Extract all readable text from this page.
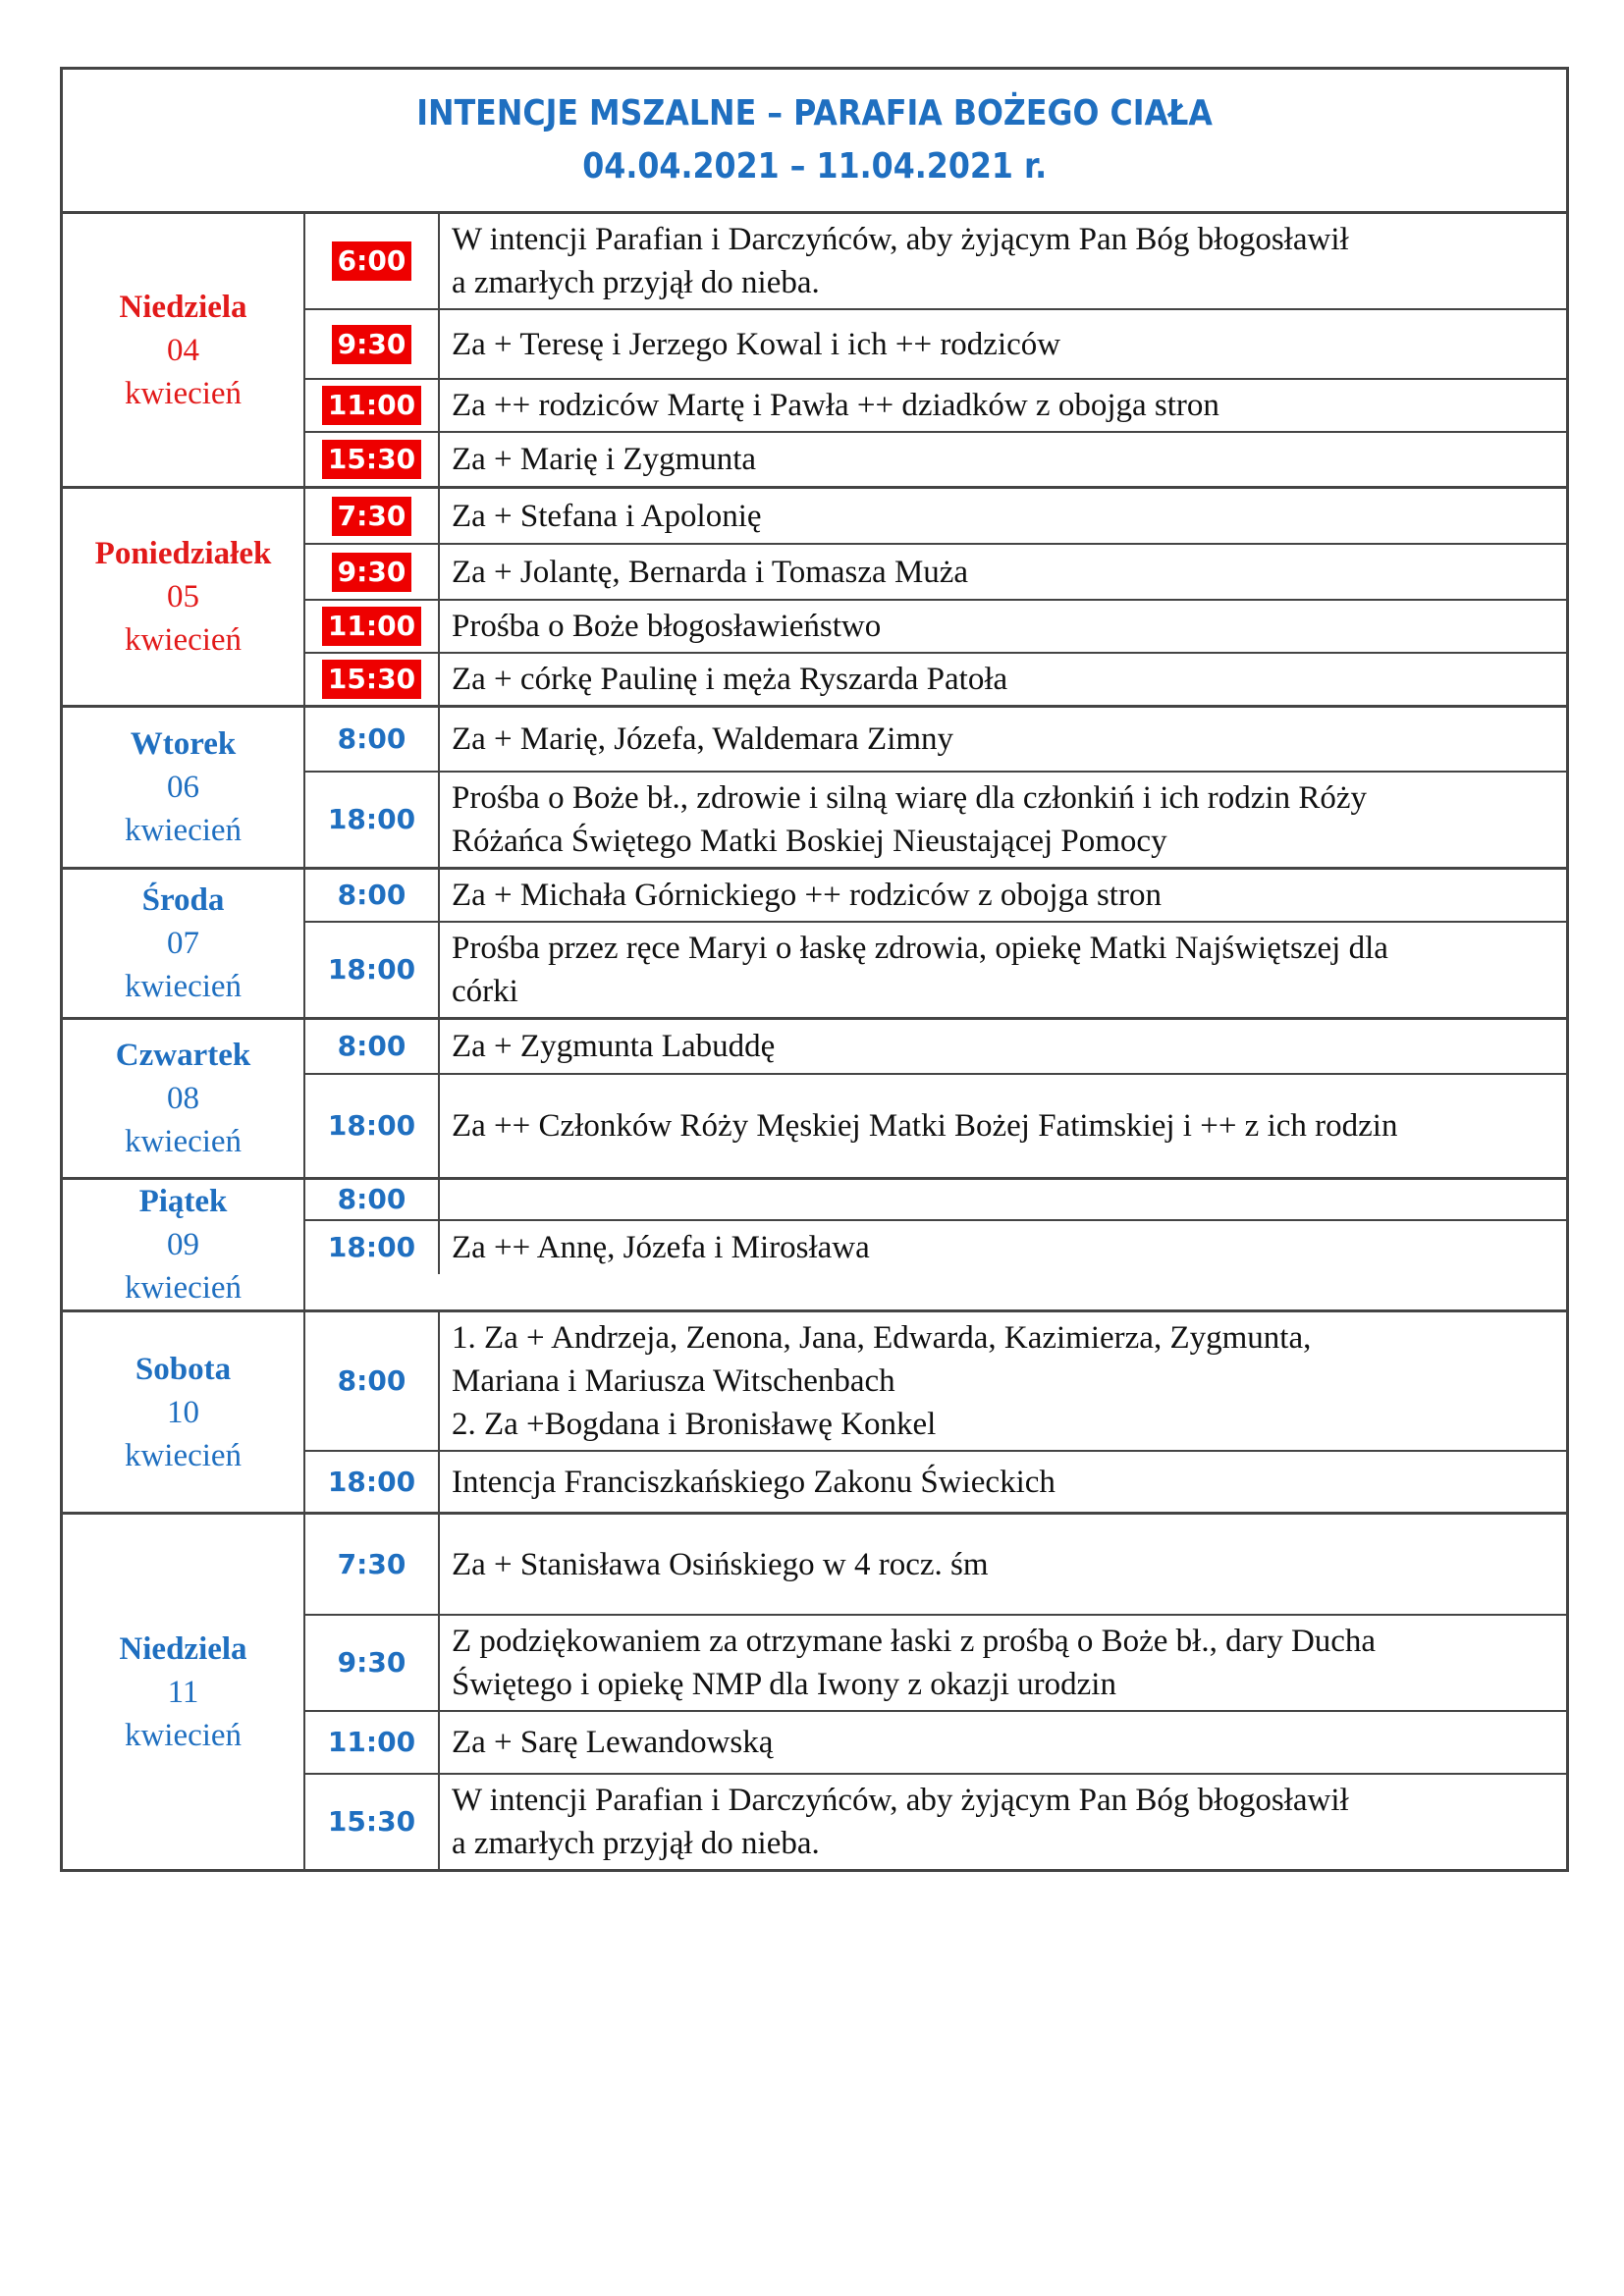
INTENCJE MSZALNE – PARAFIA BOŻEGO CIAŁA
04.04.2021 – 11.04.2021 r.
Niedziela
04
kwiecień
6:00
W intencji Parafian i Darczyńców, aby żyjącym Pan Bóg błogosławił
a zmarłych przyjął do nieba.
9:30	Za + Teresę i Jerzego Kowal i ich ++ rodziców
11:00	Za ++ rodziców Martę i Pawła ++ dziadków z obojga stron
15:30	Za + Marię i Zygmunta
Poniedziałek
05
kwiecień
7:30	Za + Stefana i Apolonię
9:30	Za + Jolantę, Bernarda i Tomasza Muża
11:00	Prośba o Boże błogosławieństwo
15:30	Za + córkę Paulinę i męża Ryszarda Patoła
Wtorek
06
kwiecień
8:00	Za + Marię, Józefa, Waldemara Zimny
18:00
Prośba o Boże bł., zdrowie i silną wiarę dla członkiń i ich rodzin Róży
Różańca Świętego Matki Boskiej Nieustającej Pomocy
Środa
07
kwiecień
8:00	Za + Michała Górnickiego ++ rodziców z obojga stron
18:00
Prośba przez ręce Maryi o łaskę zdrowia, opiekę Matki Najświętszej dla
córki
Czwartek
08
kwiecień
8:00	Za + Zygmunta Labuddę
18:00	Za ++ Członków Róży Męskiej Matki Bożej Fatimskiej i ++ z ich rodzin
Piątek
09
kwiecień
8:00
18:00	Za ++ Annę, Józefa i Mirosława
Sobota
10
kwiecień
8:00
1. Za + Andrzeja, Zenona, Jana, Edwarda, Kazimierza, Zygmunta,
Mariana i Mariusza Witschenbach
2. Za +Bogdana i Bronisławę Konkel
18:00	Intencja Franciszkańskiego Zakonu Świeckich
Niedziela
11
kwiecień
7:30	Za + Stanisława Osińskiego w 4 rocz. śm
9:30
Z podziękowaniem za otrzymane łaski z prośbą o Boże bł., dary Ducha
Świętego i opiekę NMP dla Iwony z okazji urodzin
11:00	Za + Sarę Lewandowską
15:30
W intencji Parafian i Darczyńców, aby żyjącym Pan Bóg błogosławił
a zmarłych przyjął do nieba.
